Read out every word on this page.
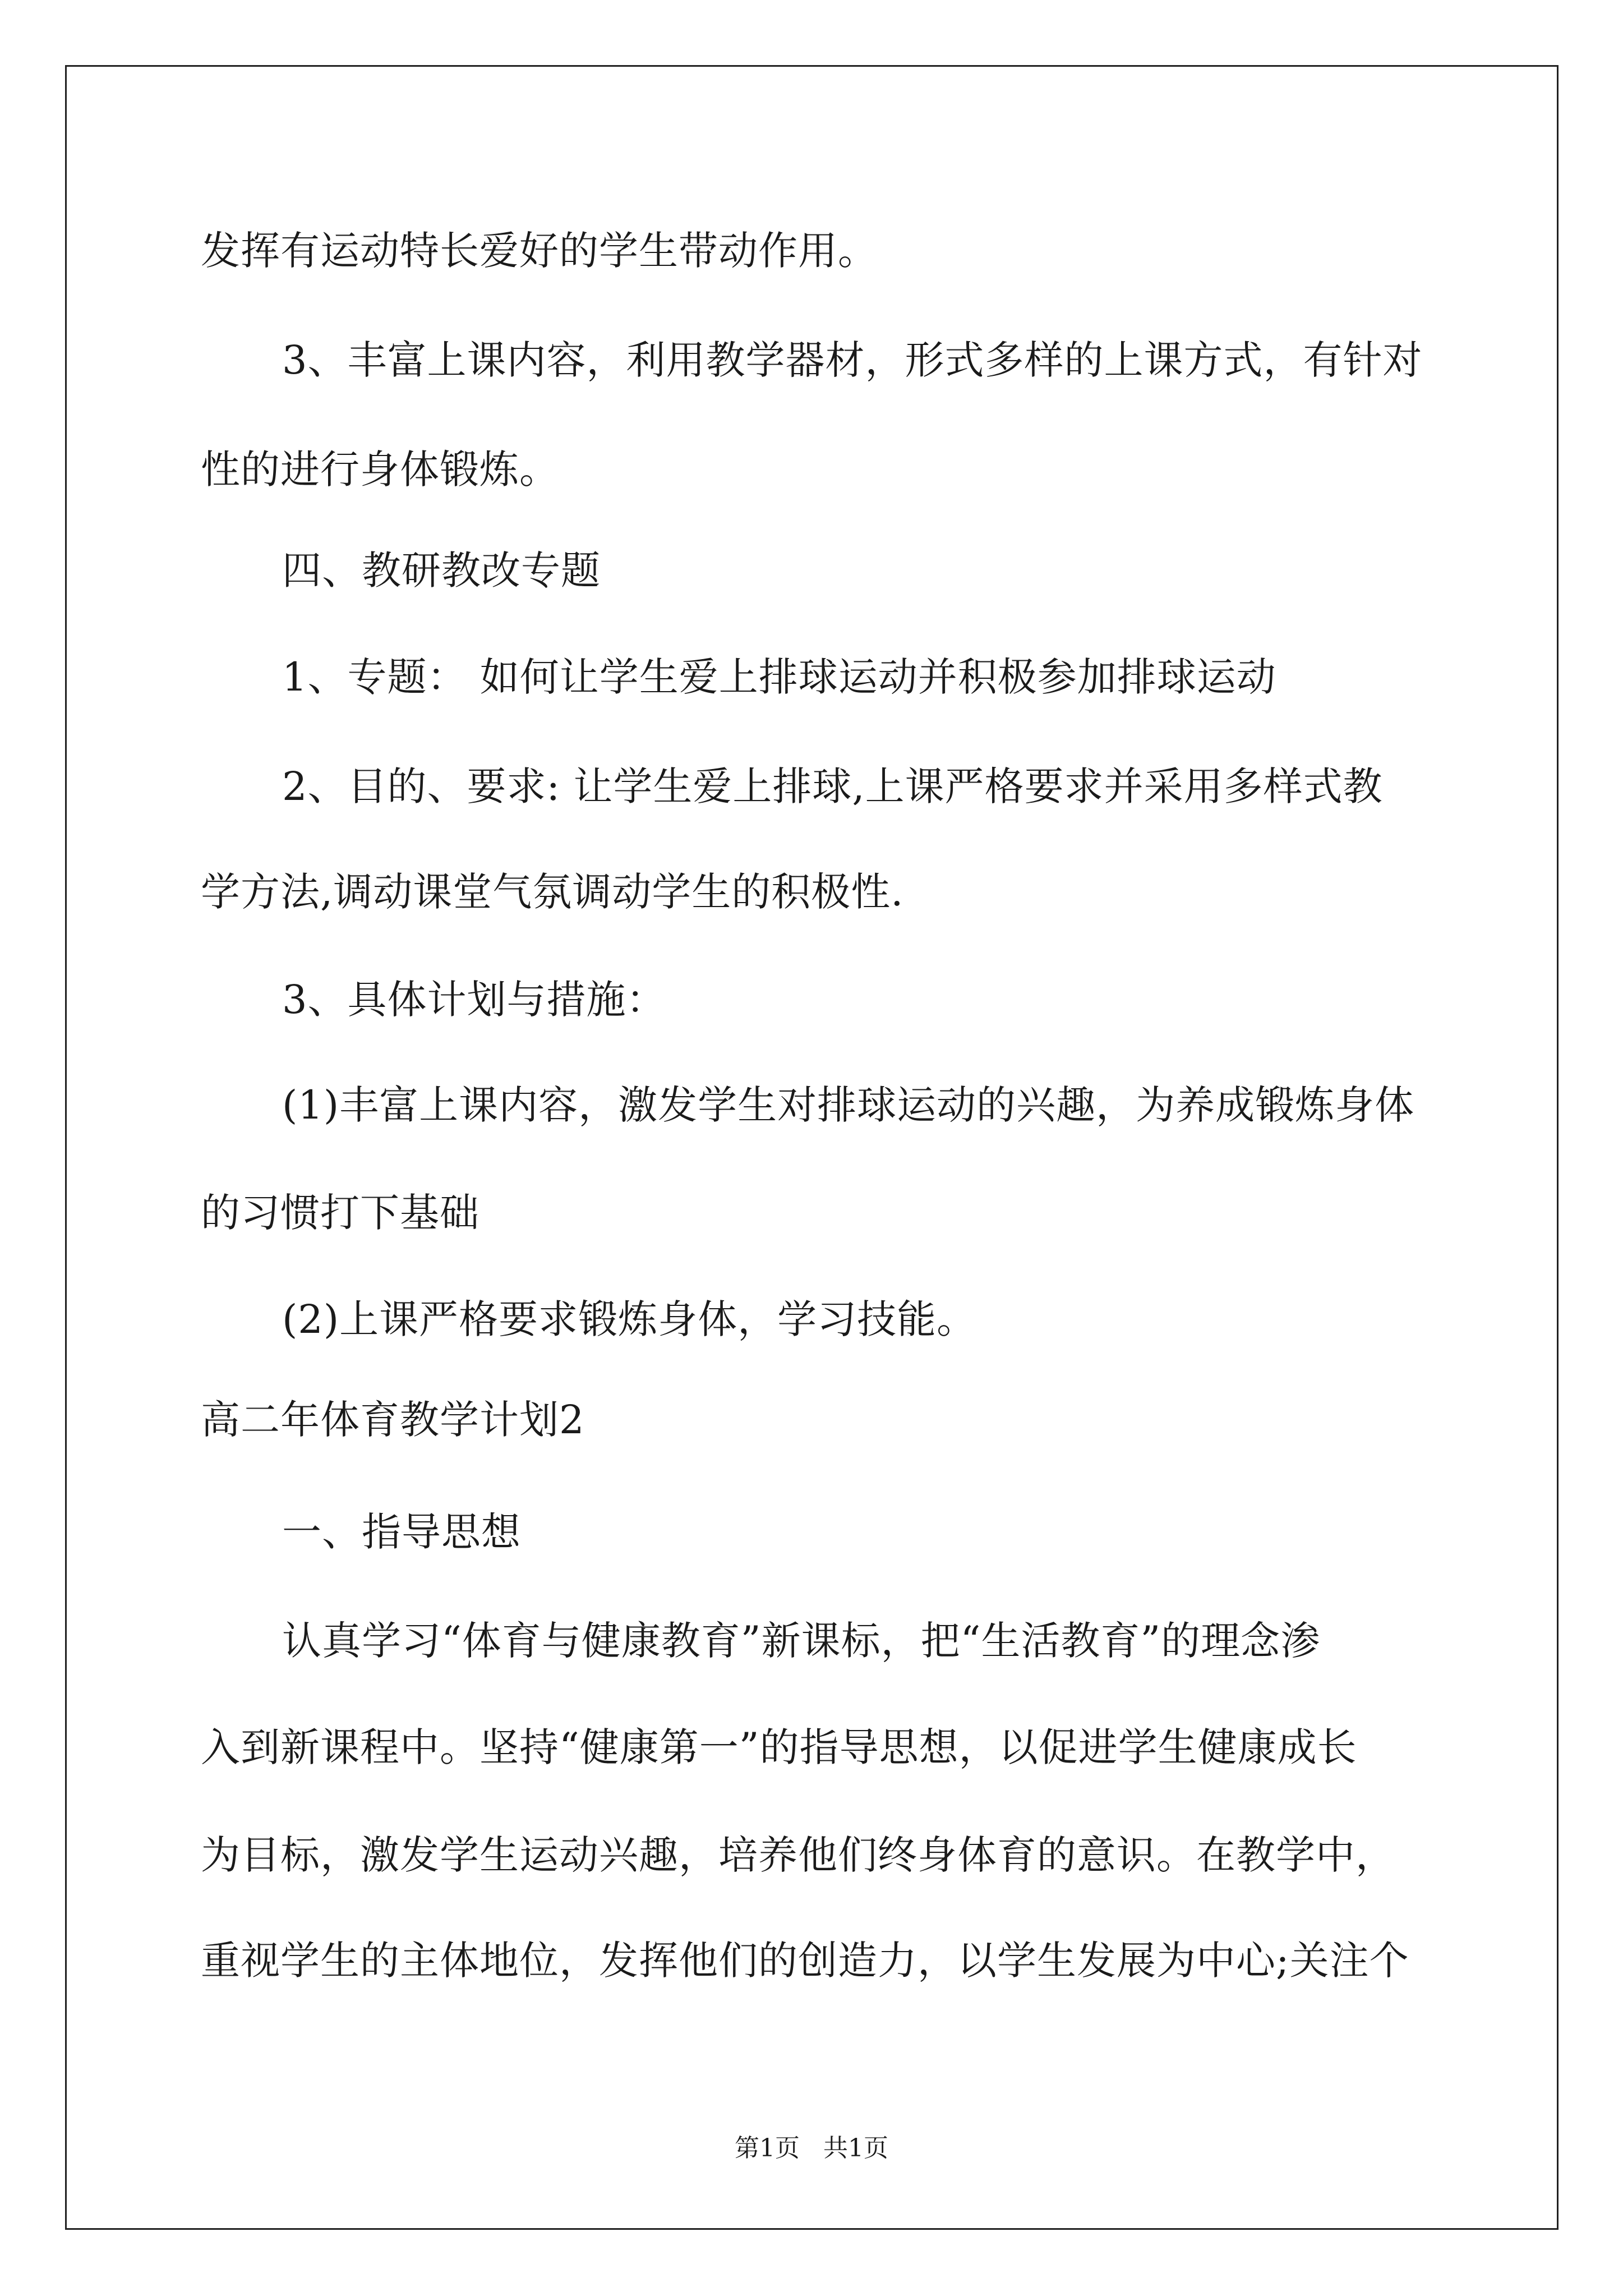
发挥有运动特长爱好的学生带动作用。
3、丰富上课内容，利用教学器材，形式多样的上课方式，有针对
性的进行身体锻炼。
四、教研教改专题
1、专题： 如何让学生爱上排球运动并积极参加排球运动
2、目的、要求: 让学生爱上排球,上课严格要求并采用多样式教
学方法,调动课堂气氛调动学生的积极性.
3、具体计划与措施：
(1)丰富上课内容，激发学生对排球运动的兴趣，为养成锻炼身体
的习惯打下基础
(2)上课严格要求锻炼身体，学习技能。
高二年体育教学计划2
一、指导思想
认真学习“体育与健康教育”新课标，把“生活教育”的理念渗
入到新课程中。坚持“健康第一”的指导思想，以促进学生健康成长
为目标，激发学生运动兴趣，培养他们终身体育的意识。在教学中，
重视学生的主体地位，发挥他们的创造力，以学生发展为中心;关注个
第1页   共1页
